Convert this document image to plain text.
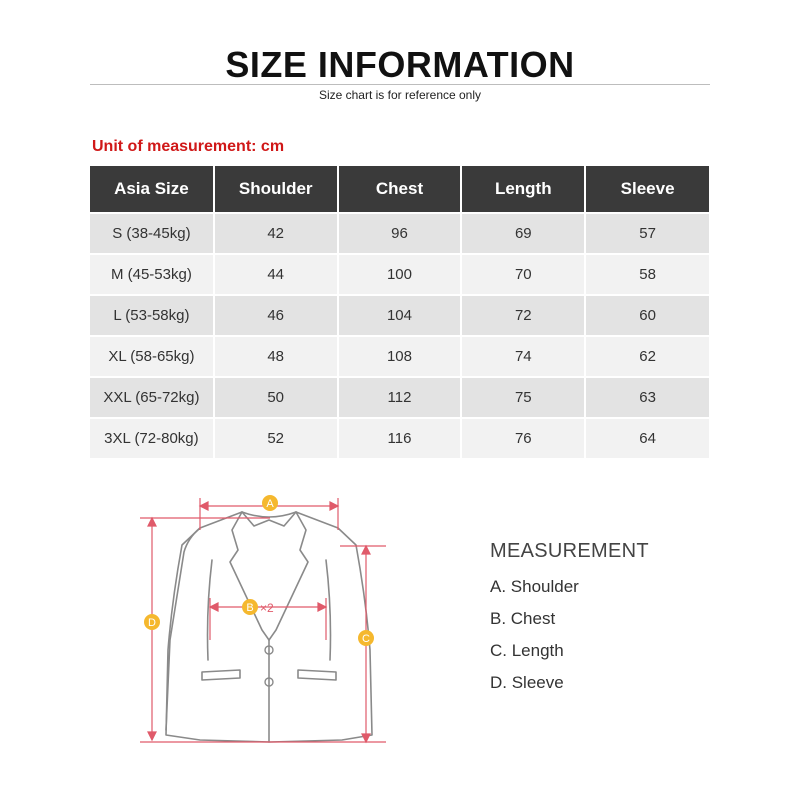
SIZE INFORMATION
Size chart is for reference only
Unit of measurement: cm
Asia Size	Shoulder	Chest	Length	Sleeve
S (38-45kg)	42	96	69	57
M (45-53kg)	44	100	70	58
L (53-58kg)	46	104	72	60
XL (58-65kg)	48	108	74	62
XXL (65-72kg)	50	112	75	63
3XL (72-80kg)	52	116	76	64
A
B ×2
C
D
MEASUREMENT
A. Shoulder
B. Chest
C. Length
D. Sleeve
